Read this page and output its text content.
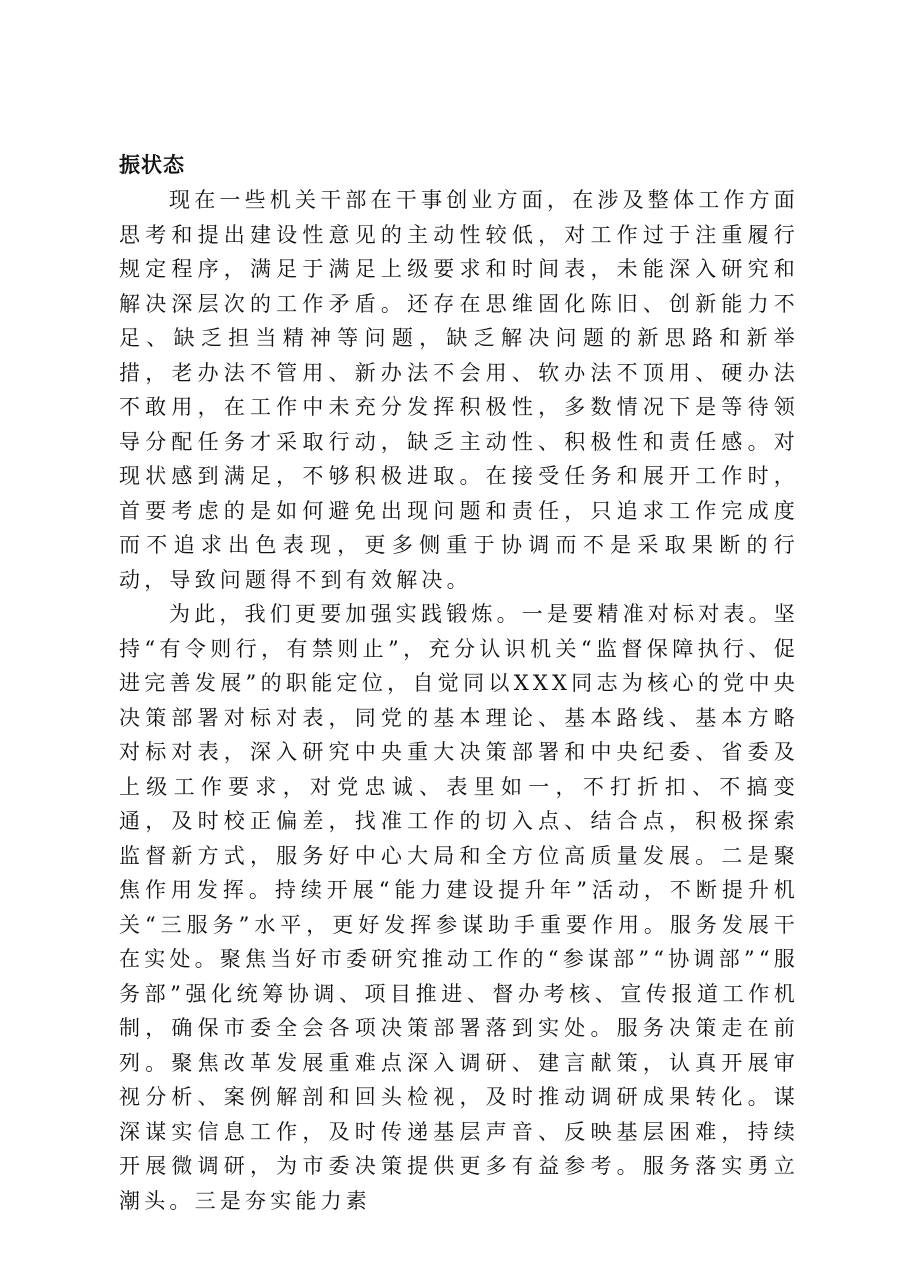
振状态

现在一些机关干部在干事创业方面，在涉及整体工作方面思考和提出建设性意见的主动性较低，对工作过于注重履行规定程序，满足于满足上级要求和时间表，未能深入研究和解决深层次的工作矛盾。还存在思维固化陈旧、创新能力不足、缺乏担当精神等问题，缺乏解决问题的新思路和新举措，老办法不管用、新办法不会用、软办法不顶用、硬办法不敢用，在工作中未充分发挥积极性，多数情况下是等待领导分配任务才采取行动，缺乏主动性、积极性和责任感。对现状感到满足，不够积极进取。在接受任务和展开工作时，首要考虑的是如何避免出现问题和责任，只追求工作完成度而不追求出色表现，更多侧重于协调而不是采取果断的行动，导致问题得不到有效解决。

为此，我们更要加强实践锻炼。一是要精准对标对表。坚持“有令则行，有禁则止”，充分认识机关“监督保障执行、促进完善发展”的职能定位，自觉同以XXX同志为核心的党中央决策部署对标对表，同党的基本理论、基本路线、基本方略对标对表，深入研究中央重大决策部署和中央纪委、省委及上级工作要求，对党忠诚、表里如一，不打折扣、不搞变通，及时校正偏差，找准工作的切入点、结合点，积极探索监督新方式，服务好中心大局和全方位高质量发展。二是聚焦作用发挥。持续开展“能力建设提升年”活动，不断提升机关“三服务”水平，更好发挥参谋助手重要作用。服务发展干在实处。聚焦当好市委研究推动工作的“参谋部”“协调部”“服务部”强化统筹协调、项目推进、督办考核、宣传报道工作机制，确保市委全会各项决策部署落到实处。服务决策走在前列。聚焦改革发展重难点深入调研、建言献策，认真开展审视分析、案例解剖和回头检视，及时推动调研成果转化。谋深谋实信息工作，及时传递基层声音、反映基层困难，持续开展微调研，为市委决策提供更多有益参考。服务落实勇立潮头。三是夯实能力素
